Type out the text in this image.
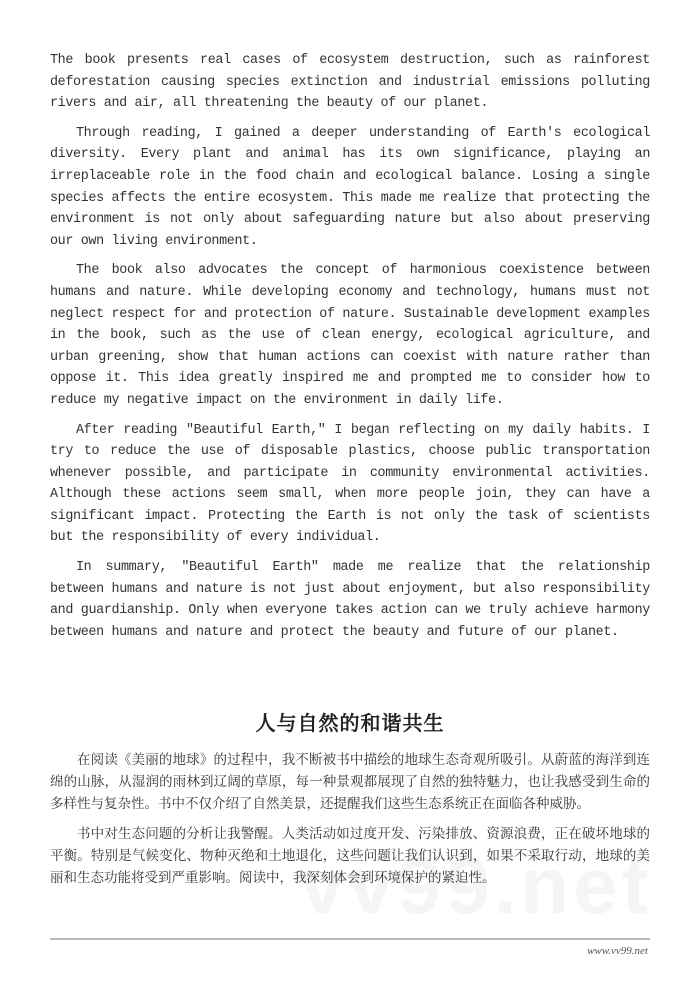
The book presents real cases of ecosystem destruction, such as rainforest deforestation causing species extinction and industrial emissions polluting rivers and air, all threatening the beauty of our planet.

Through reading, I gained a deeper understanding of Earth's ecological diversity. Every plant and animal has its own significance, playing an irreplaceable role in the food chain and ecological balance. Losing a single species affects the entire ecosystem. This made me realize that protecting the environment is not only about safeguarding nature but also about preserving our own living environment.

The book also advocates the concept of harmonious coexistence between humans and nature. While developing economy and technology, humans must not neglect respect for and protection of nature. Sustainable development examples in the book, such as the use of clean energy, ecological agriculture, and urban greening, show that human actions can coexist with nature rather than oppose it. This idea greatly inspired me and prompted me to consider how to reduce my negative impact on the environment in daily life.

After reading "Beautiful Earth," I began reflecting on my daily habits. I try to reduce the use of disposable plastics, choose public transportation whenever possible, and participate in community environmental activities. Although these actions seem small, when more people join, they can have a significant impact. Protecting the Earth is not only the task of scientists but the responsibility of every individual.

In summary, "Beautiful Earth" made me realize that the relationship between humans and nature is not just about enjoyment, but also responsibility and guardianship. Only when everyone takes action can we truly achieve harmony between humans and nature and protect the beauty and future of our planet.

人与自然的和谐共生

在阅读《美丽的地球》的过程中，我不断被书中描绘的地球生态奇观所吸引。从蔚蓝的海洋到连绵的山脉，从湿润的雨林到辽阔的草原，每一种景观都展现了自然的独特魅力，也让我感受到生命的多样性与复杂性。书中不仅介绍了自然美景，还提醒我们这些生态系统正在面临各种威胁。

书中对生态问题的分析让我警醒。人类活动如过度开发、污染排放、资源浪费，正在破坏地球的平衡。特别是气候变化、物种灭绝和土地退化，这些问题让我们认识到，如果不采取行动，地球的美丽和生态功能将受到严重影响。阅读中，我深刻体会到环境保护的紧迫性。

www.vv99.net
